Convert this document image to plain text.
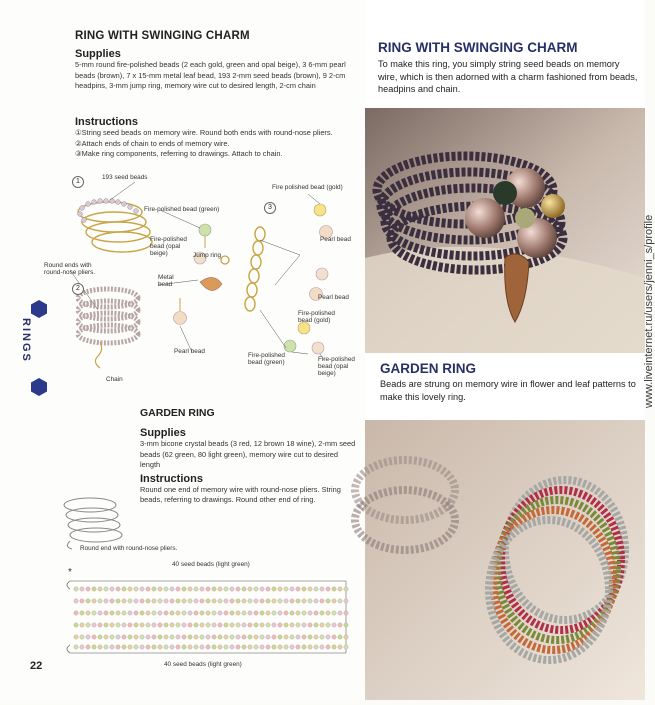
RING WITH SWINGING CHARM
Supplies
5-mm round fire-polished beads (2 each gold, green and opal beige), 3 6-mm pearl beads (brown), 7 x 15-mm metal leaf bead, 193 2-mm seed beads (brown), 9 2-cm headpins, 3-mm jump ring, memory wire cut to desired length, 2-cm chain
Instructions
①String seed beads on memory wire. Round both ends with round-nose pliers.
②Attach ends of chain to ends of memory wire.
③Make ring components, referring to drawings. Attach to chain.
1
2
3
193 seed beads
Fire-polished bead (green)
Fire-polished bead (opal beige)	Jump ring
Metal bead
Round ends with round-nose pliers.
Pearl bead
Chain
Fire polished bead (gold)
Pearl bead
Pearl bead
Fire-polished bead (gold)
Fire-polished bead (green)	Fire-polished bead (opal beige)
RINGS
GARDEN RING
Supplies
3-mm bicone crystal beads (3 red, 12 brown 18 wine), 2-mm seed beads (62 green, 80 light green), memory wire cut to desired length
Instructions
Round one end of memory wire with round-nose pliers. String beads, referring to drawings. Round other end of ring.
Round end with round-nose pliers.
40 seed beads (light green)
40 seed beads (light green)
*
22
RING WITH SWINGING CHARM
To make this ring, you simply string seed beads on memory wire, which is then adorned with a charm fashioned from beads, headpins and chain.
GARDEN RING
Beads are strung on memory wire in flower and leaf patterns to make this lovely ring.	www.liveinternet.ru/users/jenni_s/profile
